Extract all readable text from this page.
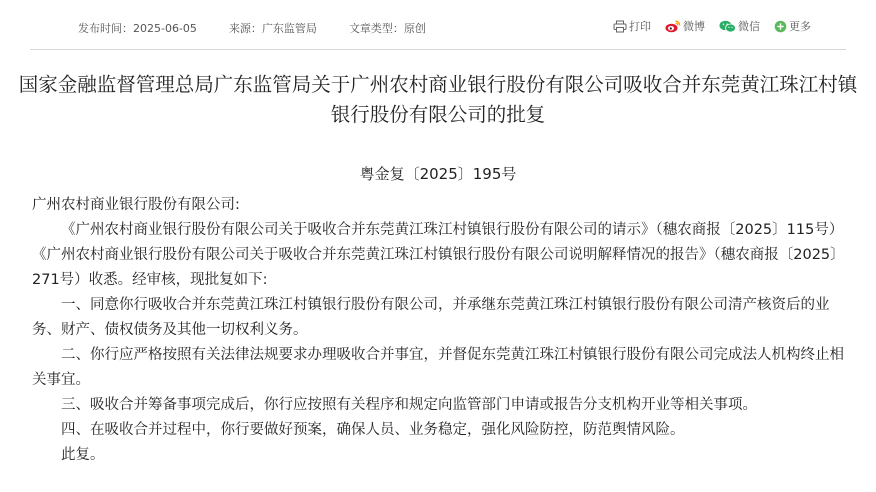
发布时间：2025-06-05	来源：广东监管局	文章类型：原创	打印	微博	微信	更多
国家金融监督管理总局广东监管局关于广州农村商业银行股份有限公司吸收合并东莞黄江珠江村镇银行股份有限公司的批复
粤金复〔2025〕195号

广州农村商业银行股份有限公司:

《广州农村商业银行股份有限公司关于吸收合并东莞黄江珠江村镇银行股份有限公司的请示》（穗农商报〔2025〕115号）《广州农村商业银行股份有限公司关于吸收合并东莞黄江珠江村镇银行股份有限公司说明解释情况的报告》（穗农商报〔2025〕271号）收悉。经审核，现批复如下:

一、同意你行吸收合并东莞黄江珠江村镇银行股份有限公司，并承继东莞黄江珠江村镇银行股份有限公司清产核资后的业务、财产、债权债务及其他一切权利义务。

二、你行应严格按照有关法律法规要求办理吸收合并事宜，并督促东莞黄江珠江村镇银行股份有限公司完成法人机构终止相关事宜。

三、吸收合并筹备事项完成后，你行应按照有关程序和规定向监管部门申请或报告分支机构开业等相关事项。

四、在吸收合并过程中，你行要做好预案，确保人员、业务稳定，强化风险防控，防范舆情风险。

此复。
